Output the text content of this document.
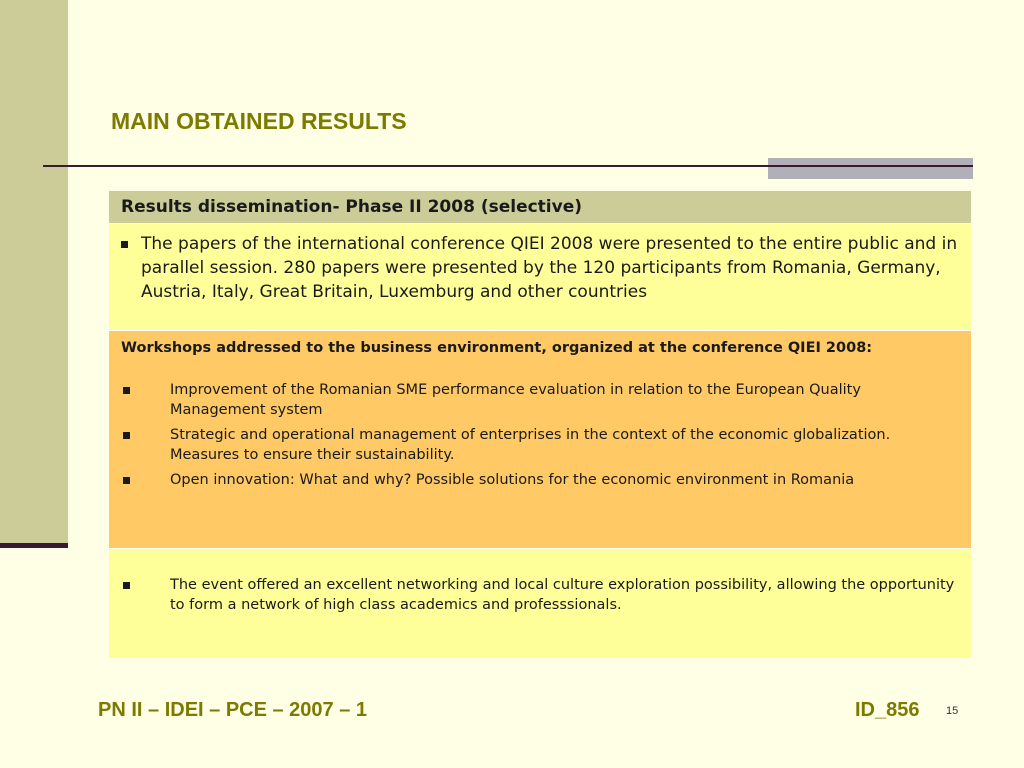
MAIN OBTAINED RESULTS
Results dissemination- Phase II 2008 (selective)
The papers of the international conference QIEI 2008 were presented to the entire public and in parallel session. 280 papers were presented by the 120 participants from Romania, Germany, Austria, Italy, Great Britain, Luxemburg and other countries
Workshops addressed to the business environment, organized at the conference QIEI 2008:
Improvement of the Romanian SME performance evaluation in relation to the European Quality Management system
Strategic and operational management of enterprises in the context of the economic globalization. Measures to ensure their sustainability.
Open innovation: What and why? Possible solutions for the economic environment in Romania
The event offered an excellent networking and local culture exploration possibility, allowing the opportunity to form a network of high class academics and professsionals.
PN II – IDEI – PCE – 2007 – 1	ID_856 15
